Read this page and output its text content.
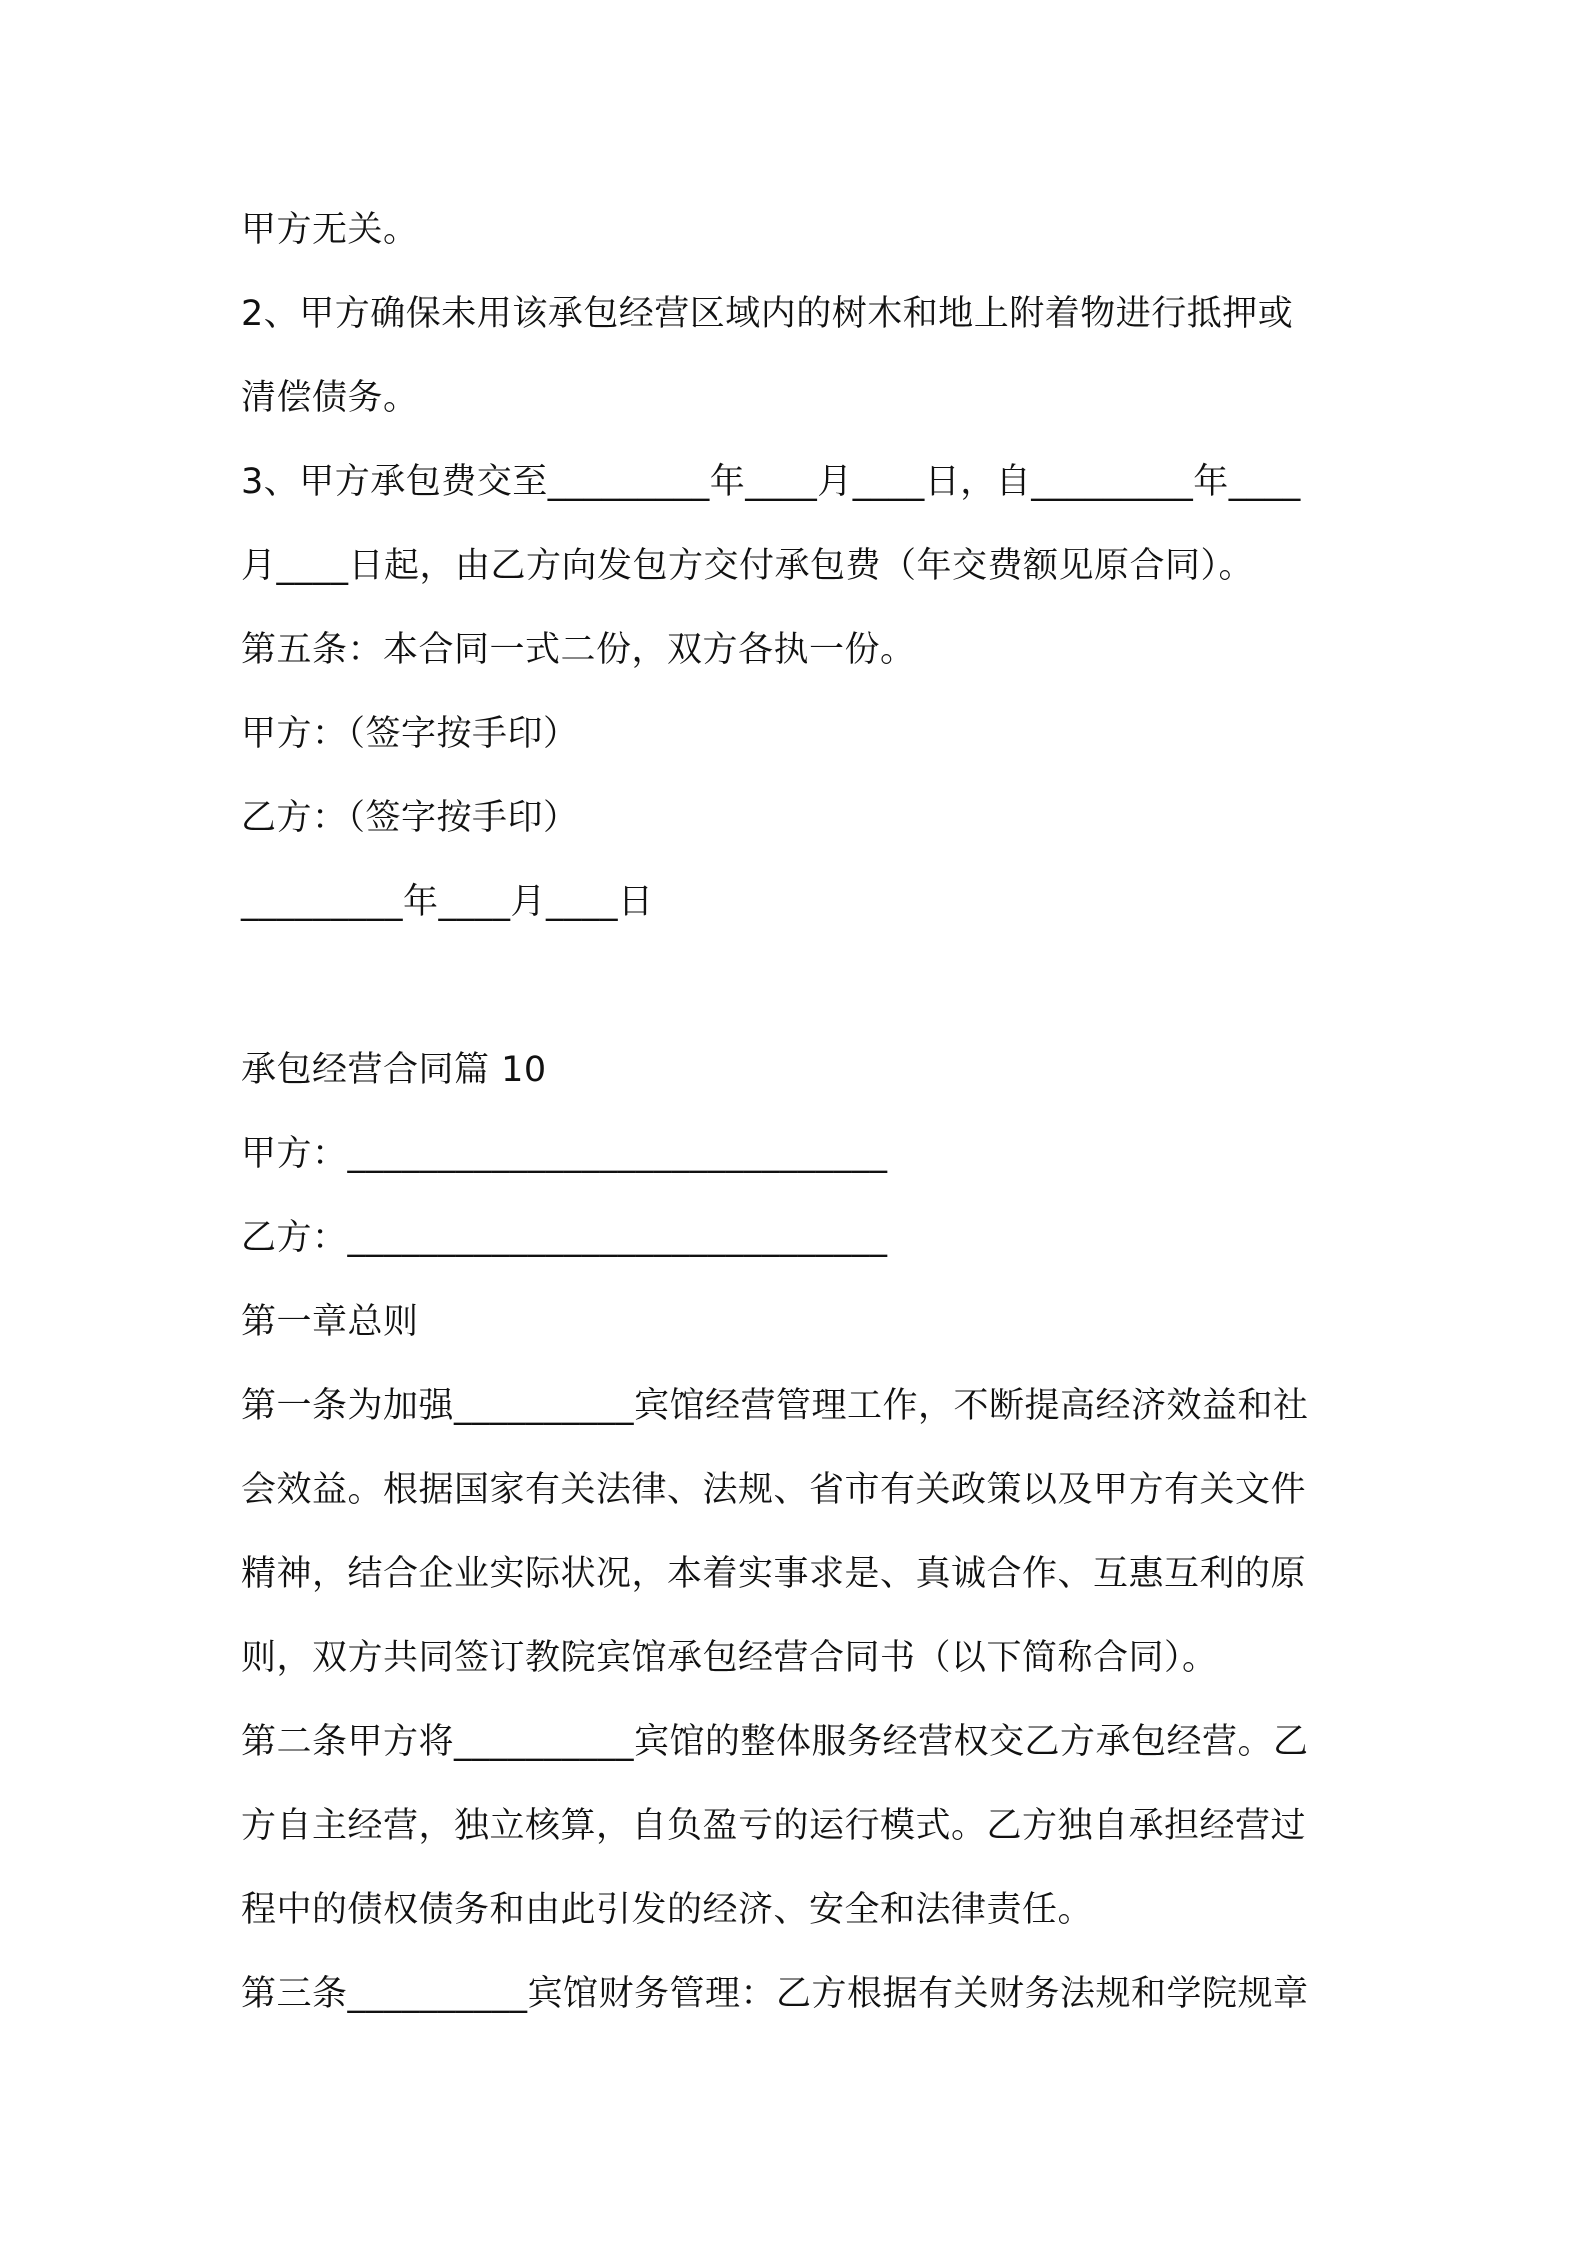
甲方无关。
2、甲方确保未用该承包经营区域内的树木和地上附着物进行抵押或
清偿债务。
3、甲方承包费交至_________年____月____日，自_________年____
月____日起，由乙方向发包方交付承包费（年交费额见原合同）。
第五条：本合同一式二份，双方各执一份。
甲方：（签字按手印）
乙方：（签字按手印）
_________年____月____日
承包经营合同篇 10
甲方：______________________________
乙方：______________________________
第一章总则
第一条为加强__________宾馆经营管理工作，不断提高经济效益和社
会效益。根据国家有关法律、法规、省市有关政策以及甲方有关文件
精神，结合企业实际状况，本着实事求是、真诚合作、互惠互利的原
则，双方共同签订教院宾馆承包经营合同书（以下简称合同）。
第二条甲方将__________宾馆的整体服务经营权交乙方承包经营。乙
方自主经营，独立核算，自负盈亏的运行模式。乙方独自承担经营过
程中的债权债务和由此引发的经济、安全和法律责任。
第三条__________宾馆财务管理：乙方根据有关财务法规和学院规章
